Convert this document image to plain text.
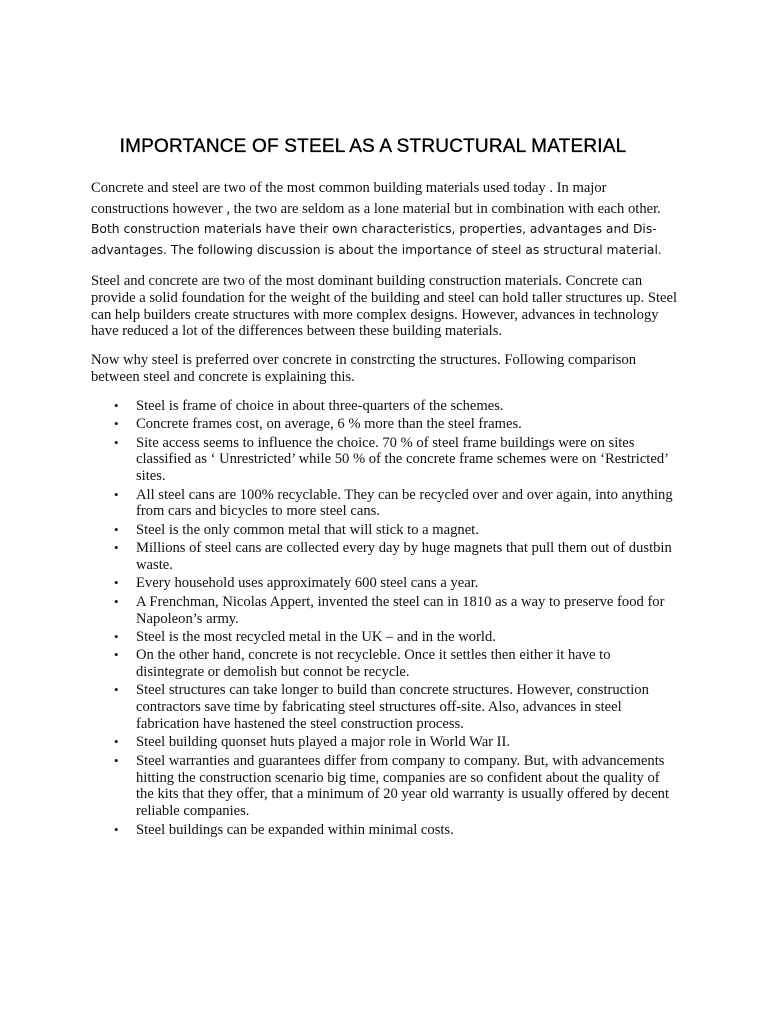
IMPORTANCE OF STEEL AS A STRUCTURAL MATERIAL

Concrete and steel are two of the most common building materials used today . In major constructions however , the two are seldom as a lone material but in combination with each other. Both construction materials have their own characteristics, properties, advantages and Dis-advantages. The following discussion is about the importance of steel as structural material.

Steel and concrete are two of the most dominant building construction materials. Concrete can provide a solid foundation for the weight of the building and steel can hold taller structures up. Steel can help builders create structures with more complex designs. However, advances in technology have reduced a lot of the differences between these building materials.

Now why steel is preferred over concrete in constrcting the structures. Following comparison between steel and concrete is explaining this.

• Steel is frame of choice in about three-quarters of the schemes.
• Concrete frames cost, on average, 6 % more than the steel frames.
• Site access seems to influence the choice. 70 % of steel frame buildings were on sites classified as ‘ Unrestricted’ while 50 % of the concrete frame schemes were on ‘Restricted’ sites.
• All steel cans are 100% recyclable. They can be recycled over and over again, into anything from cars and bicycles to more steel cans.
• Steel is the only common metal that will stick to a magnet.
• Millions of steel cans are collected every day by huge magnets that pull them out of dustbin waste.
• Every household uses approximately 600 steel cans a year.
• A Frenchman, Nicolas Appert, invented the steel can in 1810 as a way to preserve food for Napoleon’s army.
• Steel is the most recycled metal in the UK – and in the world.
• On the other hand, concrete is not recycleble. Once it settles then either it have to disintegrate or demolish but connot be recycle.
• Steel structures can take longer to build than concrete structures. However, construction contractors save time by fabricating steel structures off-site. Also, advances in steel fabrication have hastened the steel construction process.
• Steel building quonset huts played a major role in World War II.
• Steel warranties and guarantees differ from company to company. But, with advancements hitting the construction scenario big time, companies are so confident about the quality of the kits that they offer, that a minimum of 20 year old warranty is usually offered by decent reliable companies.
• Steel buildings can be expanded within minimal costs.
